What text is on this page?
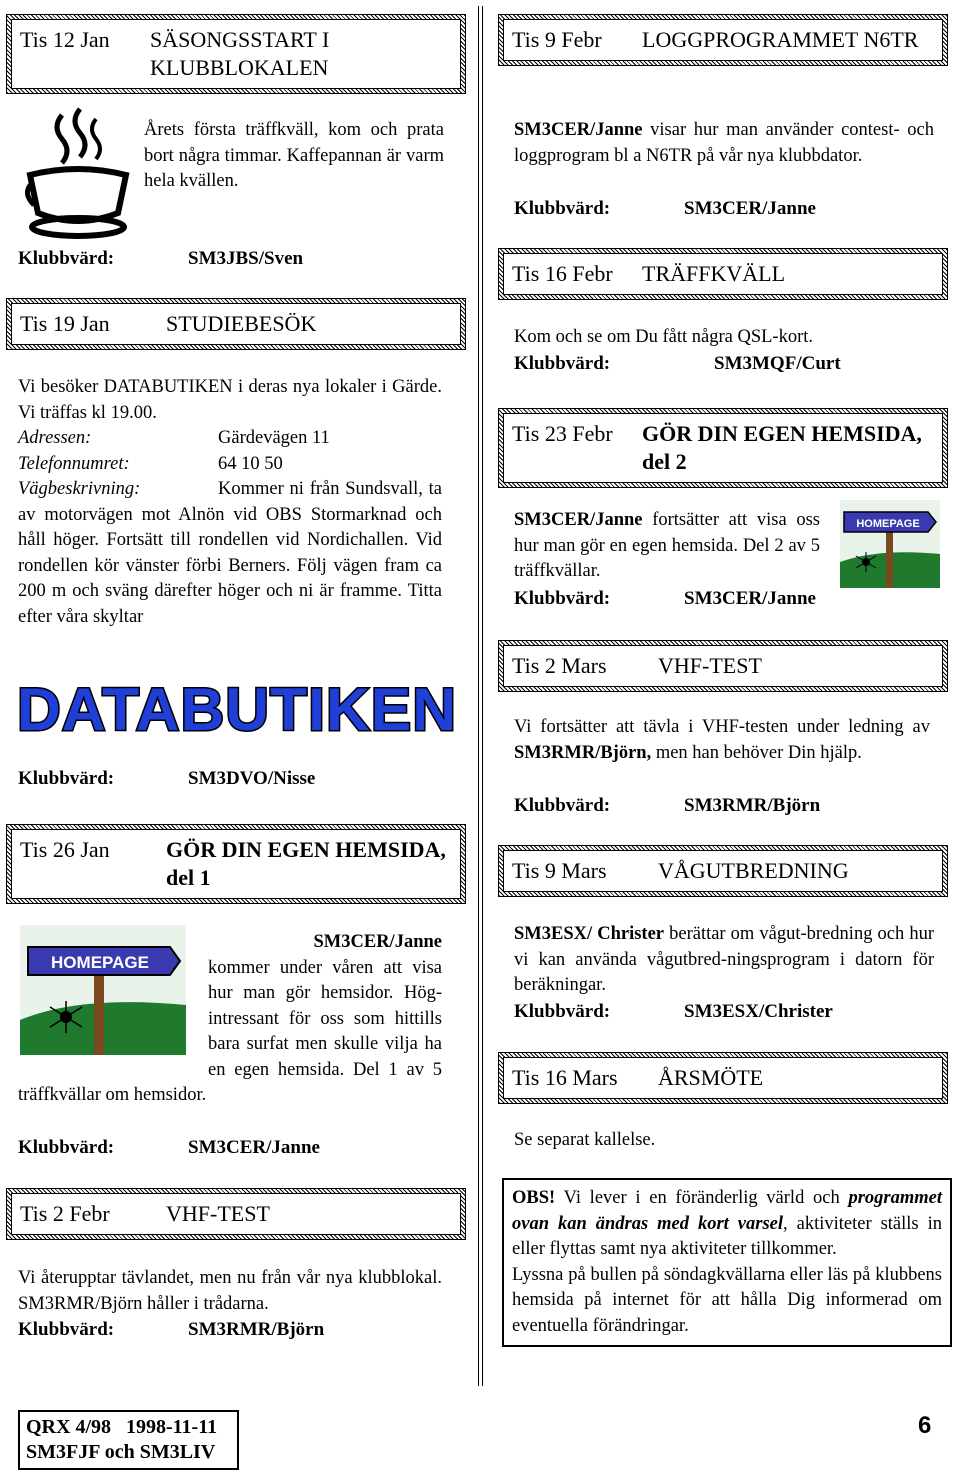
Tis 12 Jan	SÄSONGSSTART I KLUBBLOKALEN
Årets första träffkväll, kom och prata bort några timmar. Kaffepannan är varm hela kvällen.
Klubbvärd:	SM3JBS/Sven
Tis 19 Jan	STUDIEBESÖK
Vi besöker DATABUTIKEN i deras nya lokaler i Gärde. Vi träffas kl 19.00.
Adressen:	Gärdevägen 11
Telefonnumret:	64 10 50
Vägbeskrivning:	Kommer ni från Sundsvall, ta av motorvägen mot Alnön vid OBS Stormarknad och håll höger. Fortsätt till rondellen vid Nordichallen. Vid rondellen kör vänster förbi Berners. Följ vägen fram ca 200 m och sväng därefter höger och ni är framme. Titta efter våra skyltar
DATABUTIKEN
Klubbvärd:	SM3DVO/Nisse
Tis 26 Jan	GÖR DIN EGEN HEMSIDA, del 1
HOMEPAGE
SM3CER/Janne
kommer under våren att visa hur man gör hemsidor. Hög-intressant för oss som hittills bara surfat men skulle vilja ha en egen hemsida. Del 1 av 5 träffkvällar om hemsidor.
Klubbvärd:	SM3CER/Janne
Tis 2 Febr	VHF-TEST
Vi återupptar tävlandet, men nu från vår nya klubblokal. SM3RMR/Björn håller i trådarna.
Klubbvärd:	SM3RMR/Björn
Tis 9 Febr	LOGGPROGRAMMET N6TR
SM3CER/Janne visar hur man använder contest- och loggprogram bl a N6TR på vår nya klubbdator.
Klubbvärd:	SM3CER/Janne
Tis 16 Febr	TRÄFFKVÄLL
Kom och se om Du fått några QSL-kort.
Klubbvärd:	SM3MQF/Curt
Tis 23 Febr	GÖR DIN EGEN HEMSIDA, del 2
HOMEPAGE
SM3CER/Janne fortsätter att visa oss hur man gör en egen hemsida. Del 2 av 5 träffkvällar.
Klubbvärd:	SM3CER/Janne
Tis 2 Mars	VHF-TEST
Vi fortsätter att tävla i VHF-testen under ledning av SM3RMR/Björn, men han behöver Din hjälp.
Klubbvärd:	SM3RMR/Björn
Tis 9 Mars	VÅGUTBREDNING
SM3ESX/ Christer berättar om vågut-bredning och hur vi kan använda vågutbred-ningsprogram i datorn för beräkningar.
Klubbvärd:	SM3ESX/Christer
Tis 16 Mars	ÅRSMÖTE
Se separat kallelse.
OBS! Vi lever i en föränderlig värld och programmet ovan kan ändras med kort varsel, aktiviteter ställs in eller flyttas samt nya aktiviteter tillkommer.
Lyssna på bullen på söndagkvällarna eller läs på klubbens hemsida på internet för att hålla Dig informerad om eventuella förändringar.
QRX 4/98   1998-11-11
SM3FJF och SM3LIV
6
